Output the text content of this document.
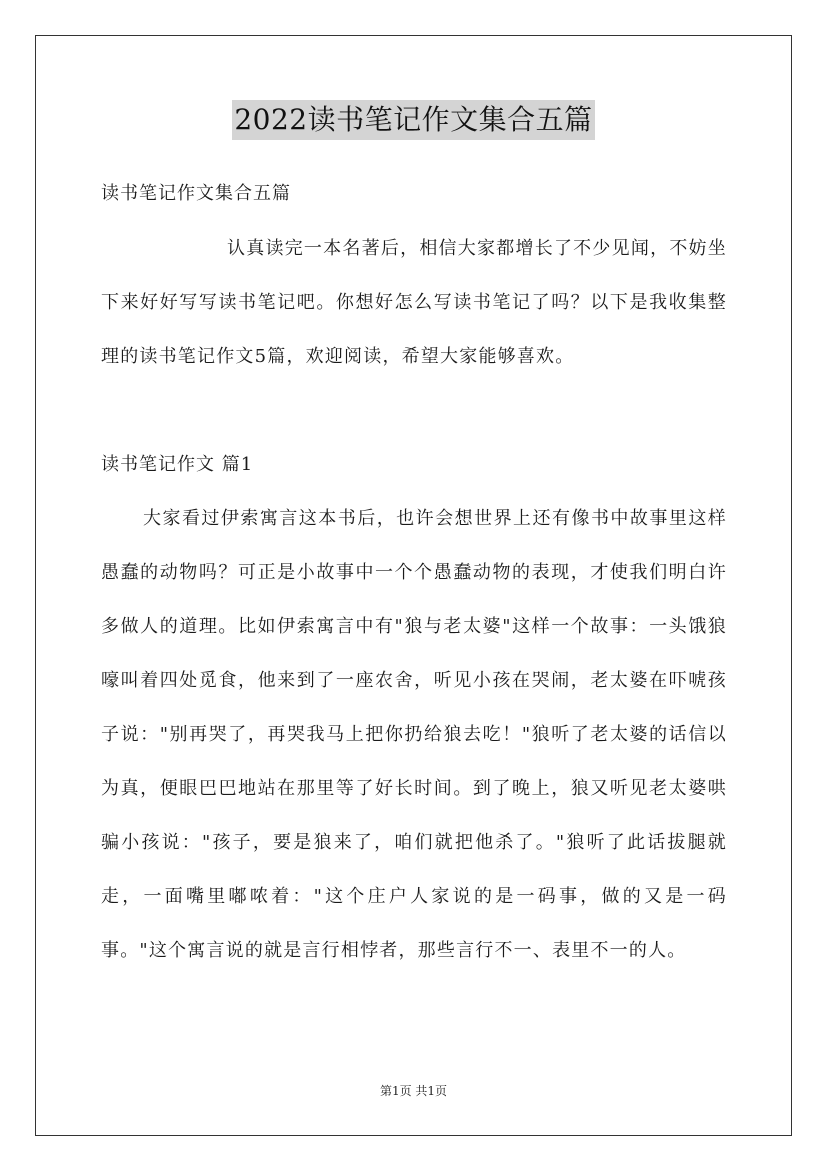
2022读书笔记作文集合五篇
读书笔记作文集合五篇

认真读完一本名著后，相信大家都增长了不少见闻，不妨坐下来好好写写读书笔记吧。你想好怎么写读书笔记了吗？以下是我收集整理的读书笔记作文5篇，欢迎阅读，希望大家能够喜欢。

读书笔记作文 篇1

大家看过伊索寓言这本书后，也许会想世界上还有像书中故事里这样愚蠢的动物吗？可正是小故事中一个个愚蠢动物的表现，才使我们明白许多做人的道理。比如伊索寓言中有"狼与老太婆"这样一个故事：一头饿狼嚎叫着四处觅食，他来到了一座农舍，听见小孩在哭闹，老太婆在吓唬孩子说："别再哭了，再哭我马上把你扔给狼去吃！"狼听了老太婆的话信以为真，便眼巴巴地站在那里等了好长时间。到了晚上，狼又听见老太婆哄骗小孩说："孩子，要是狼来了，咱们就把他杀了。"狼听了此话拔腿就走，一面嘴里嘟哝着："这个庄户人家说的是一码事，做的又是一码事。"这个寓言说的就是言行相悖者，那些言行不一、表里不一的人。

第1页 共1页
